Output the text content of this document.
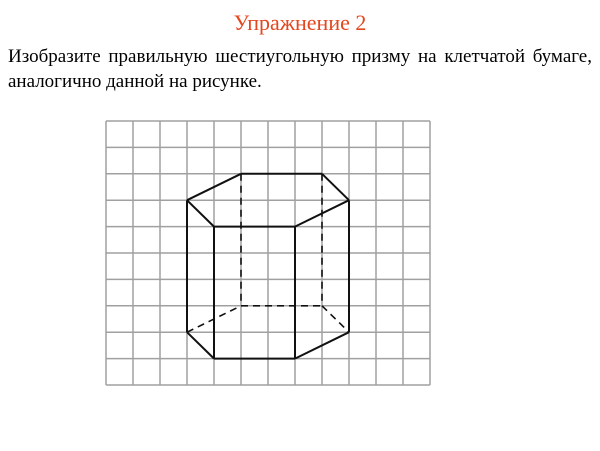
Упражнение 2
Изобразите правильную шестиугольную призму на клетчатой бумаге, аналогично данной на рисунке.
